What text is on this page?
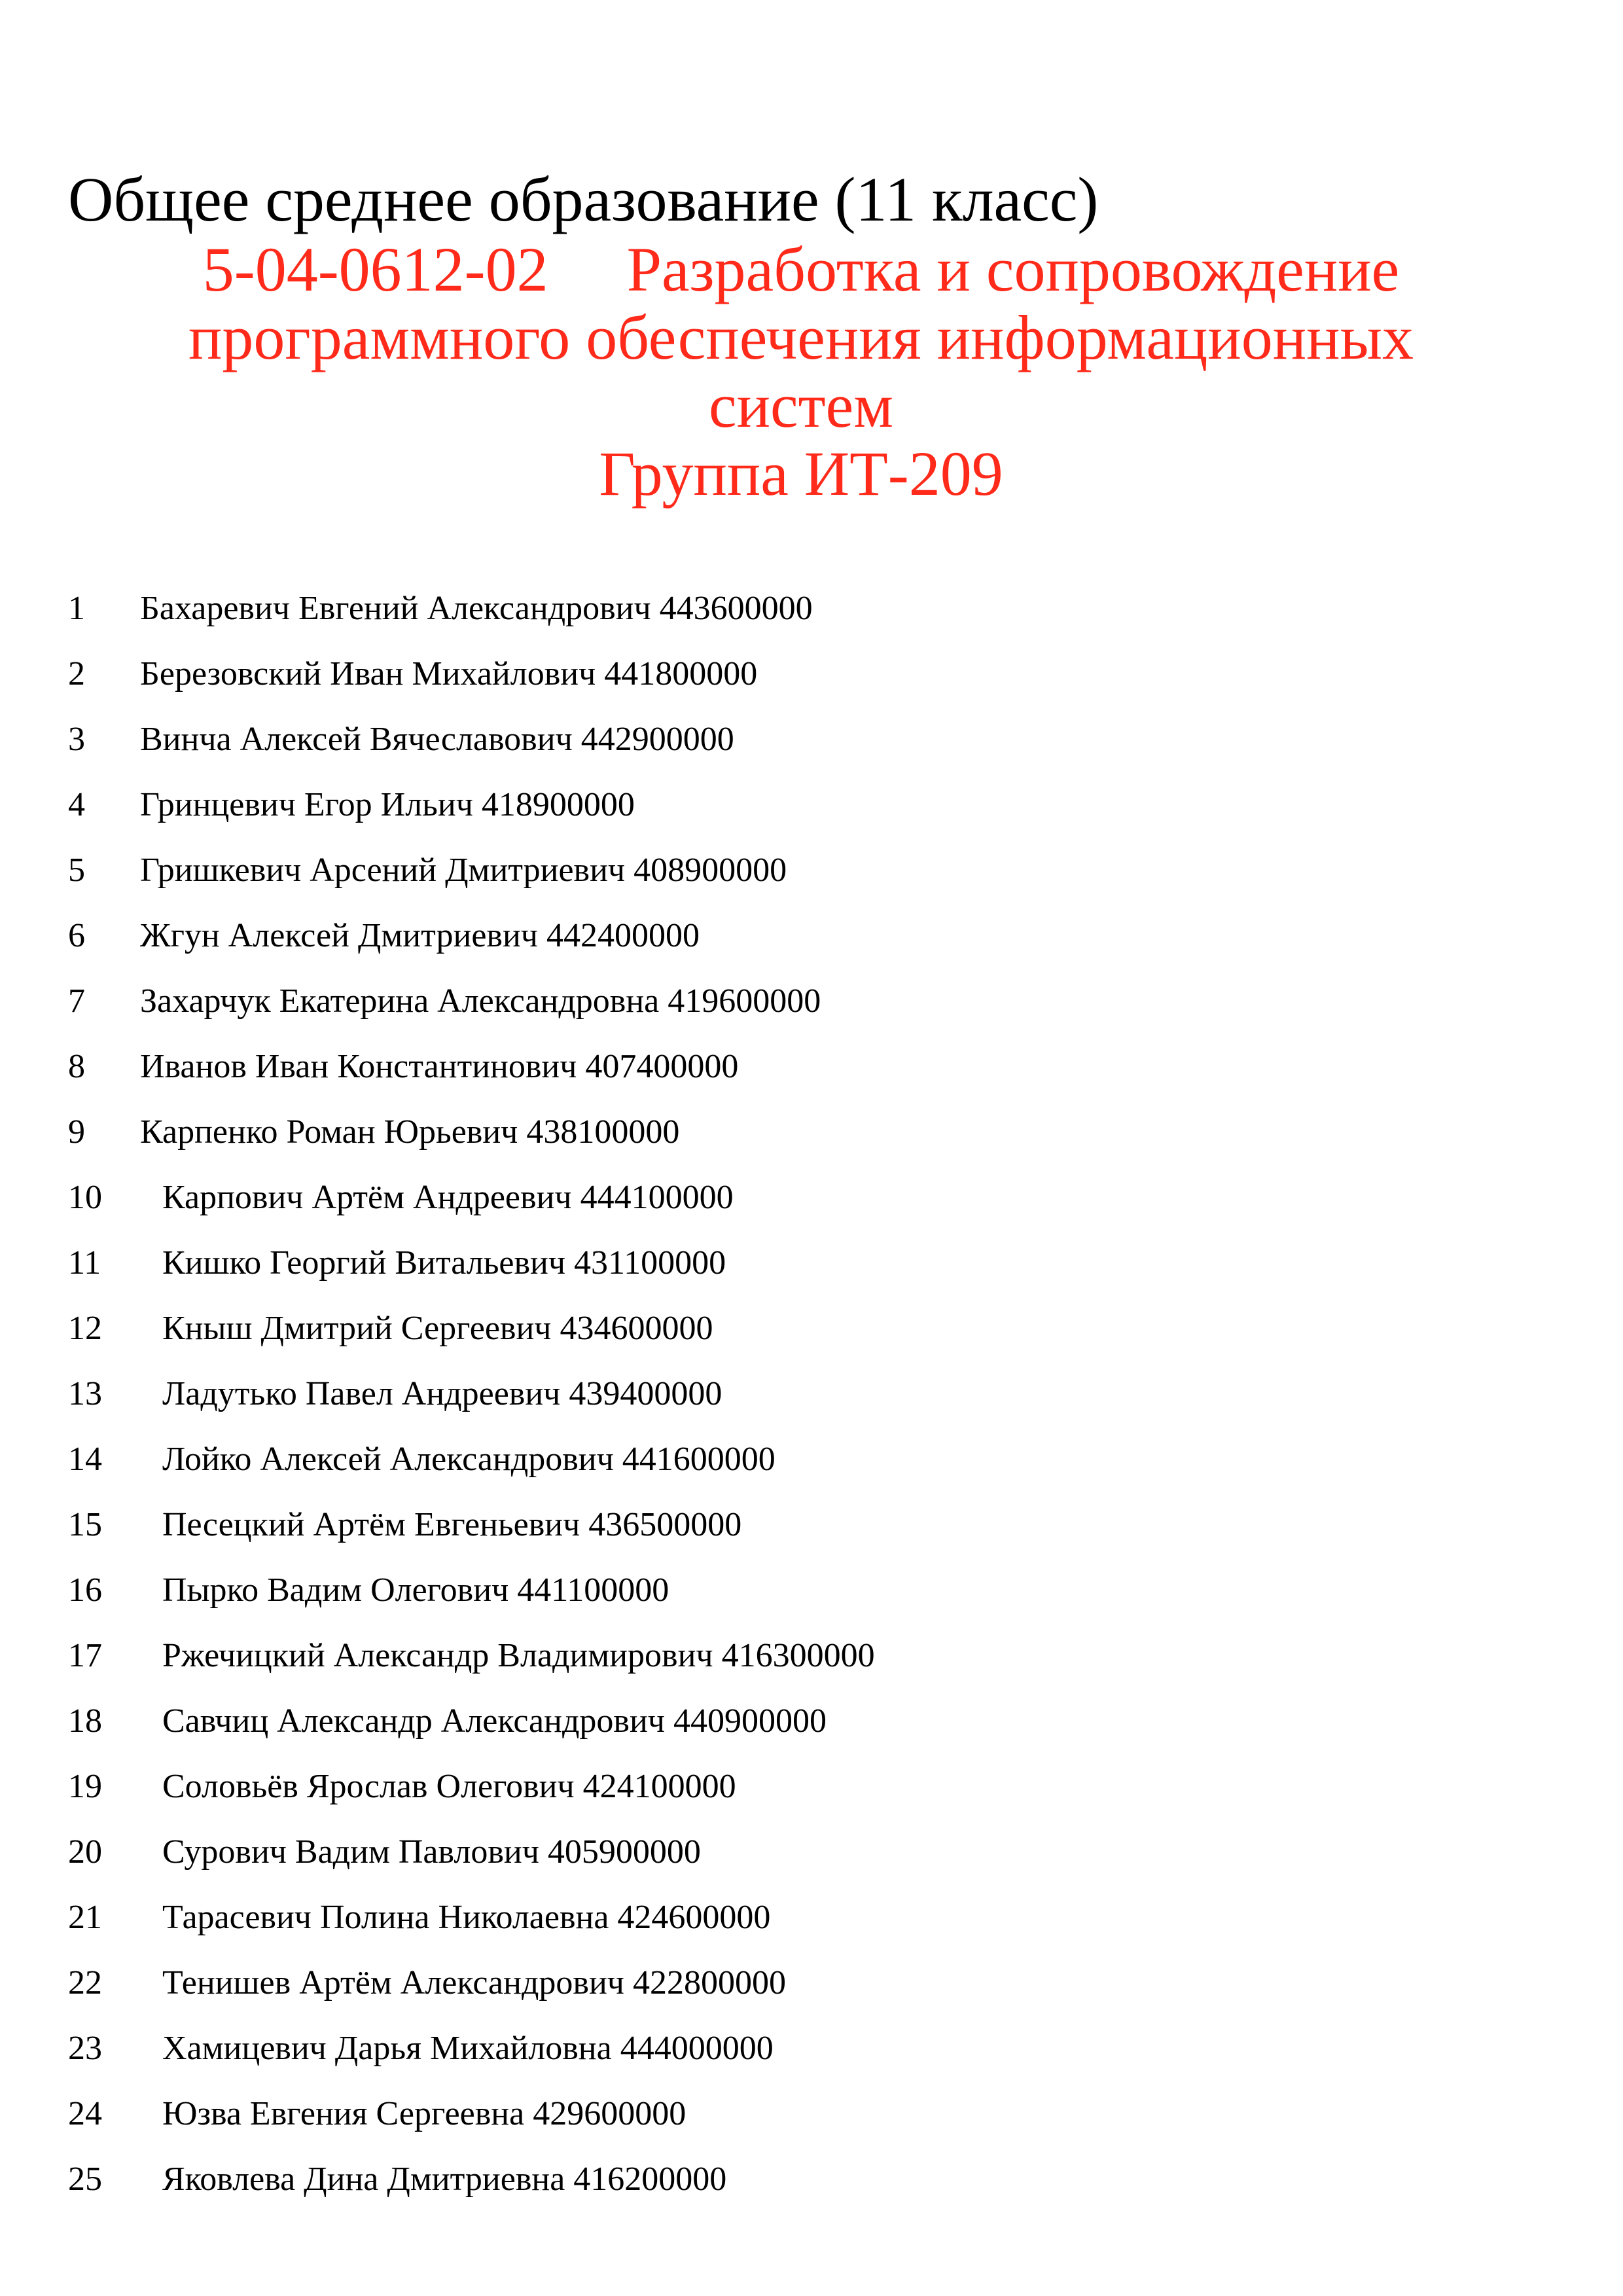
Общее среднее образование (11 класс)
5-04-0612-02 Разработка и сопровождение
программного обеспечения информационных
систем
Группа ИТ-209
1 Бахаревич Евгений Александрович 443600000
2 Березовский Иван Михайлович 441800000
3 Винча Алексей Вячеславович 442900000
4 Гринцевич Егор Ильич 418900000
5 Гришкевич Арсений Дмитриевич 408900000
6 Жгун Алексей Дмитриевич 442400000
7 Захарчук Екатерина Александровна 419600000
8 Иванов Иван Константинович 407400000
9 Карпенко Роман Юрьевич 438100000
10 Карпович Артём Андреевич 444100000
11 Кишко Георгий Витальевич 431100000
12 Кныш Дмитрий Сергеевич 434600000
13 Ладутько Павел Андреевич 439400000
14 Лойко Алексей Александрович 441600000
15 Песецкий Артём Евгеньевич 436500000
16 Пырко Вадим Олегович 441100000
17 Ржечицкий Александр Владимирович 416300000
18 Савчиц Александр Александрович 440900000
19 Соловьёв Ярослав Олегович 424100000
20 Сурович Вадим Павлович 405900000
21 Тарасевич Полина Николаевна 424600000
22 Тенишев Артём Александрович 422800000
23 Хамицевич Дарья Михайловна 444000000
24 Юзва Евгения Сергеевна 429600000
25 Яковлева Дина Дмитриевна 416200000
